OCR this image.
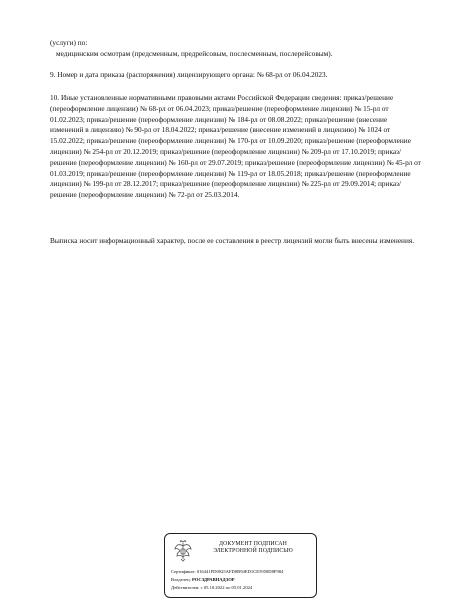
(услуги) по:

медицинским осмотрам (предсменным, предрейсовым, послесменным, послерейсовым).

9. Номер и дата приказа (распоряжения) лицензирующего органа: № 68-рл от 06.04.2023.

10. Иные установленные нормативными правовыми актами Российской Федерации сведения: приказ/решение (переоформление лицензии) № 68-рл от 06.04.2023; приказ/решение (переоформление лицензии) № 15-рл от 01.02.2023; приказ/решение (переоформление лицензии) № 184-рл от 08.08.2022; приказ/решение (внесение изменений в лицензию) № 90-рл от 18.04.2022; приказ/решение (внесение изменений в лицензию) № 1024 от 15.02.2022; приказ/решение (переоформление лицензии) № 170-рл от 10.09.2020; приказ/решение (переоформление лицензии) № 254-рл от 20.12.2019; приказ/решение (переоформление лицензии) № 209-рл от 17.10.2019; приказ/решение (переоформление лицензии) № 160-рл от 29.07.2019; приказ/решение (переоформление лицензии) № 45-рл от 01.03.2019; приказ/решение (переоформление лицензии) № 119-рл от 18.05.2018; приказ/решение (переоформление лицензии) № 199-рл от 28.12.2017; приказ/решение (переоформление лицензии) № 225-рл от 29.09.2014; приказ/решение (переоформление лицензии) № 72-рл от 25.03.2014.

Выписка носит информационный характер, после ее составления в реестр лицензий могли быть внесены изменения.

ДОКУМЕНТ ПОДПИСАН
ЭЛЕКТРОННОЙ ПОДПИСЬЮ
Сертификат: 016441FD0025AFD0B94ED1CE5958D8F984
Владелец: РОСЗДРАВНАДЗОР
Действителен: с 05.10.2022 по 05.01.2024
